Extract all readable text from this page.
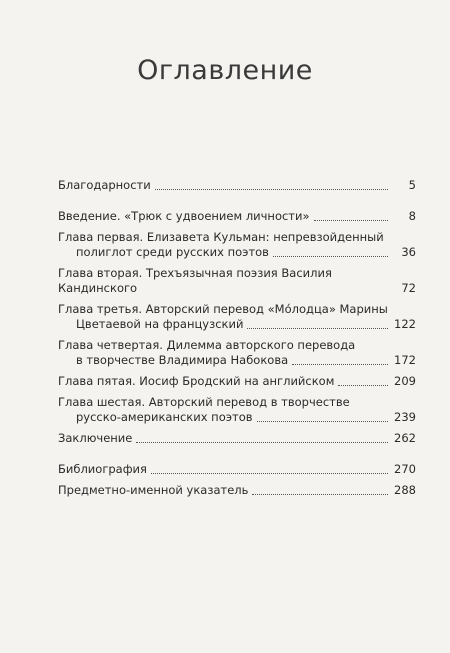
Оглавление
Благодарности	5
Введение. «Трюк с удвоением личности»	8
Глава первая. Елизавета Кульман: непревзойденный
полиглот среди русских поэтов	36
Глава вторая. Трехъязычная поэзия Василия Кандинского	72
Глава третья. Авторский перевод «Мо́лодца» Марины
Цветаевой на французский	122
Глава четвертая. Дилемма авторского перевода
в творчестве Владимира Набокова	172
Глава пятая. Иосиф Бродский на английском	209
Глава шестая. Авторский перевод в творчестве
русско-американских поэтов	239
Заключение	262
Библиография	270
Предметно-именной указатель	288
